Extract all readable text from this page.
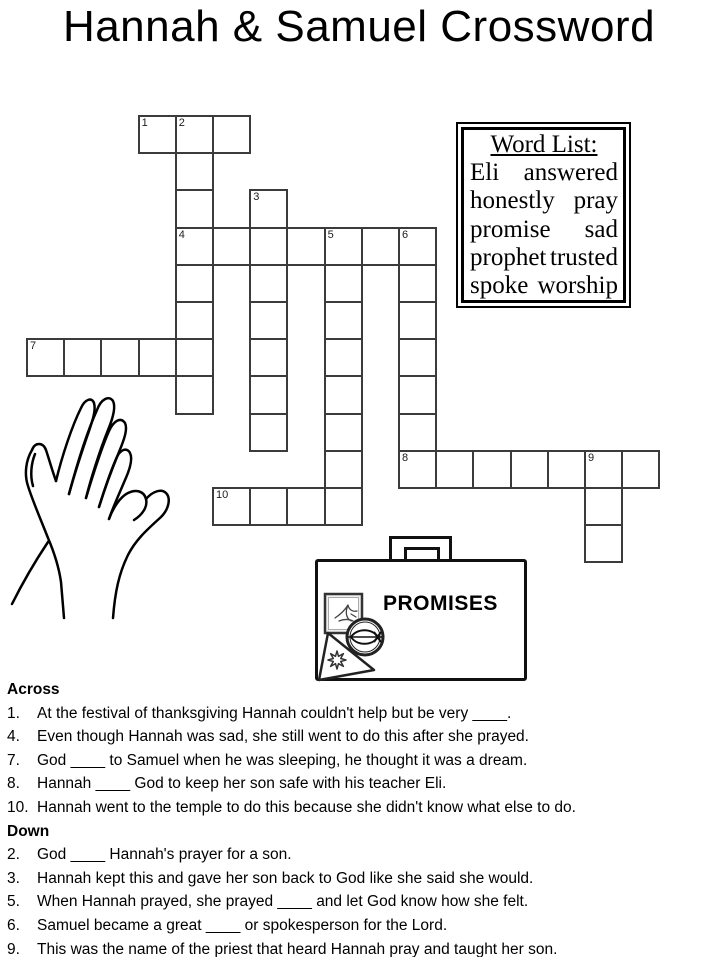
Hannah & Samuel Crossword
1	2
4
3
5	6
8
7
9
10
Word List:
Eli answered
honestly pray
promise sad
prophet trusted
spoke worship
PROMISES
Across
1.	At the festival of thanksgiving Hannah couldn't help but be very ____.
4.	Even though Hannah was sad, she still went to do this after she prayed.
7.	God ____ to Samuel when he was sleeping, he thought it was a dream.
8.	Hannah ____ God to keep her son safe with his teacher Eli.
10. Hannah went to the temple to do this because she didn't know what else to do.
Down
2.	God ____ Hannah's prayer for a son.
3.	Hannah kept this and gave her son back to God like she said she would.
5.	When Hannah prayed, she prayed ____ and let God know how she felt.
6.	Samuel became a great ____ or spokesperson for the Lord.
9.	This was the name of the priest that heard Hannah pray and taught her son.
